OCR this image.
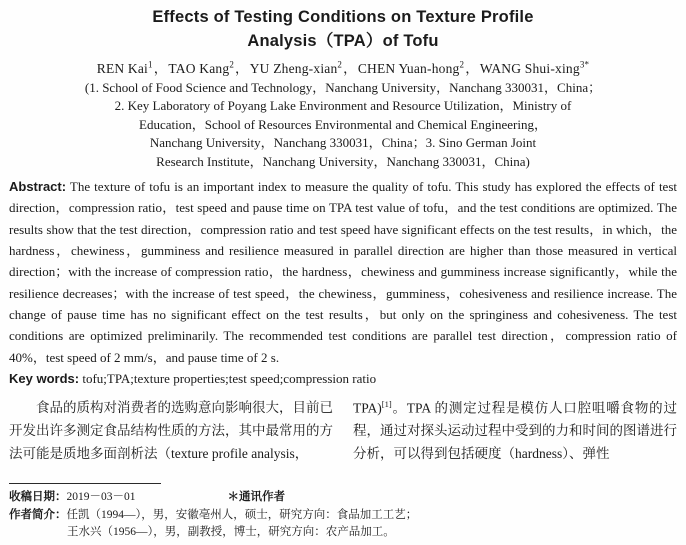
Effects of Testing Conditions on Texture Profile
Analysis（TPA）of Tofu

REN Kai$^1$，TAO Kang$^2$，YU Zheng-xian$^2$，CHEN Yuan-hong$^2$，WANG Shui-xing$^{3*}$

(1. School of Food Science and Technology，Nanchang University，Nanchang 330031，China；
2. Key Laboratory of Poyang Lake Environment and Resource Utilization，Ministry of
Education，School of Resources Environmental and Chemical Engineering，
Nanchang University，Nanchang 330031，China；3. Sino German Joint
Research Institute，Nanchang University，Nanchang 330031，China)

Abstract: The texture of tofu is an important index to measure the quality of tofu. This study has explored the effects of test direction，compression ratio，test speed and pause time on TPA test value of tofu，and the test conditions are optimized. The results show that the test direction，compression ratio and test speed have significant effects on the test results，in which，the hardness，chewiness，gumminess and resilience measured in parallel direction are higher than those measured in vertical direction；with the increase of compression ratio，the hardness，chewiness and gumminess increase significantly，while the resilience decreases；with the increase of test speed，the chewiness，gumminess，cohesiveness and resilience increase. The change of pause time has no significant effect on the test results，but only on the springiness and cohesiveness. The test conditions are optimized preliminarily. The recommended test conditions are parallel test direction，compression ratio of 40%，test speed of 2 mm/s，and pause time of 2 s.

Key words: tofu;TPA;texture properties;test speed;compression ratio

食品的质构对消费者的选购意向影响很大，目前已开发出许多测定食品结构性质的方法，其中最常用的方法可能是质地多面剖析法（texture profile analysis，

TPA)[1]。TPA 的测定过程是模仿人口腔咀嚼食物的过程，通过对探头运动过程中受到的力和时间的图谱进行分析，可以得到包括硬度（hardness）、弹性

收稿日期：2019－03－01	＊通讯作者
作者简介：任凯（1994—），男，安徽亳州人，硕士，研究方向：食品加工工艺；
王水兴（1956—），男，副教授，博士，研究方向：农产品加工。
